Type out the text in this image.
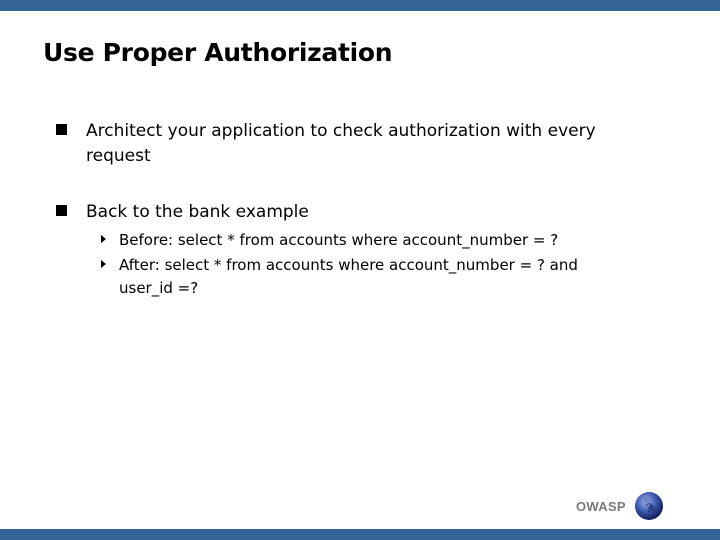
Use Proper Authorization
Architect your application to check authorization with every request
Back to the bank example
Before: select * from accounts where account_number = ?
After: select * from accounts where account_number = ? and user_id =?
OWASP ?
